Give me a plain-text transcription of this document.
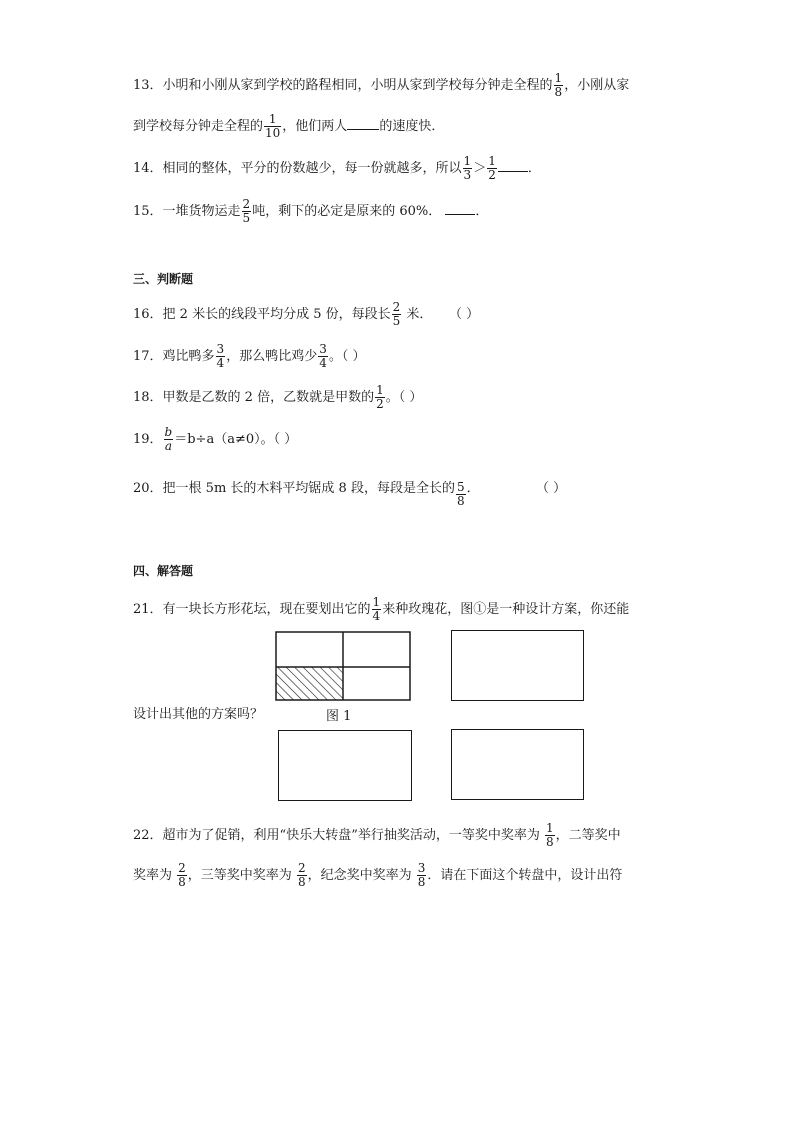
13．小明和小刚从家到学校的路程相同，小明从家到学校每分钟走全程的 $\frac{1}{8}$ ，小刚从家
到学校每分钟走全程的 $\frac{1}{10}$ ，他们两人 的速度快．
14．相同的整体，平分的份数越少，每一份就越多，所以 $\frac{1}{3} > \frac{1}{2}$ ．
15．一堆货物运走 $\frac{2}{5}$ 吨，剩下的必定是原来的 60%．	．
三、判断题
16．把 2 米长的线段平均分成 5 份，每段长 $\frac{2}{5}$ 米． （ ）
17．鸡比鸭多 $\frac{3}{4}$ ，那么鸭比鸡少 $\frac{3}{4}$ 。（ ）
18．甲数是乙数的 2 倍，乙数就是甲数的 $\frac{1}{2}$ 。（ ）
19． $\frac{b}{a} =b\div a(a\ne 0)$。（ ）
20．把一根 5m 长的木料平均锯成 8 段，每段是全长的 $\frac{5}{8}$ ．	（ ）
四、解答题
21．有一块长方形花坛，现在要划出它的 $\frac{1}{4}$ 来种玫瑰花，图①是一种设计方案，你还能
设计出其他的方案吗？	图 1
22．超市为了促销，利用“快乐大转盘”举行抽奖活动，一等奖中奖率为 $\frac{1}{8}$ ，二等奖中
奖率为 $\frac{2}{8}$ ，三等奖中奖率为 $\frac{2}{8}$ ，纪念奖中奖率为 $\frac{3}{8}$ ．请在下面这个转盘中，设计出符
